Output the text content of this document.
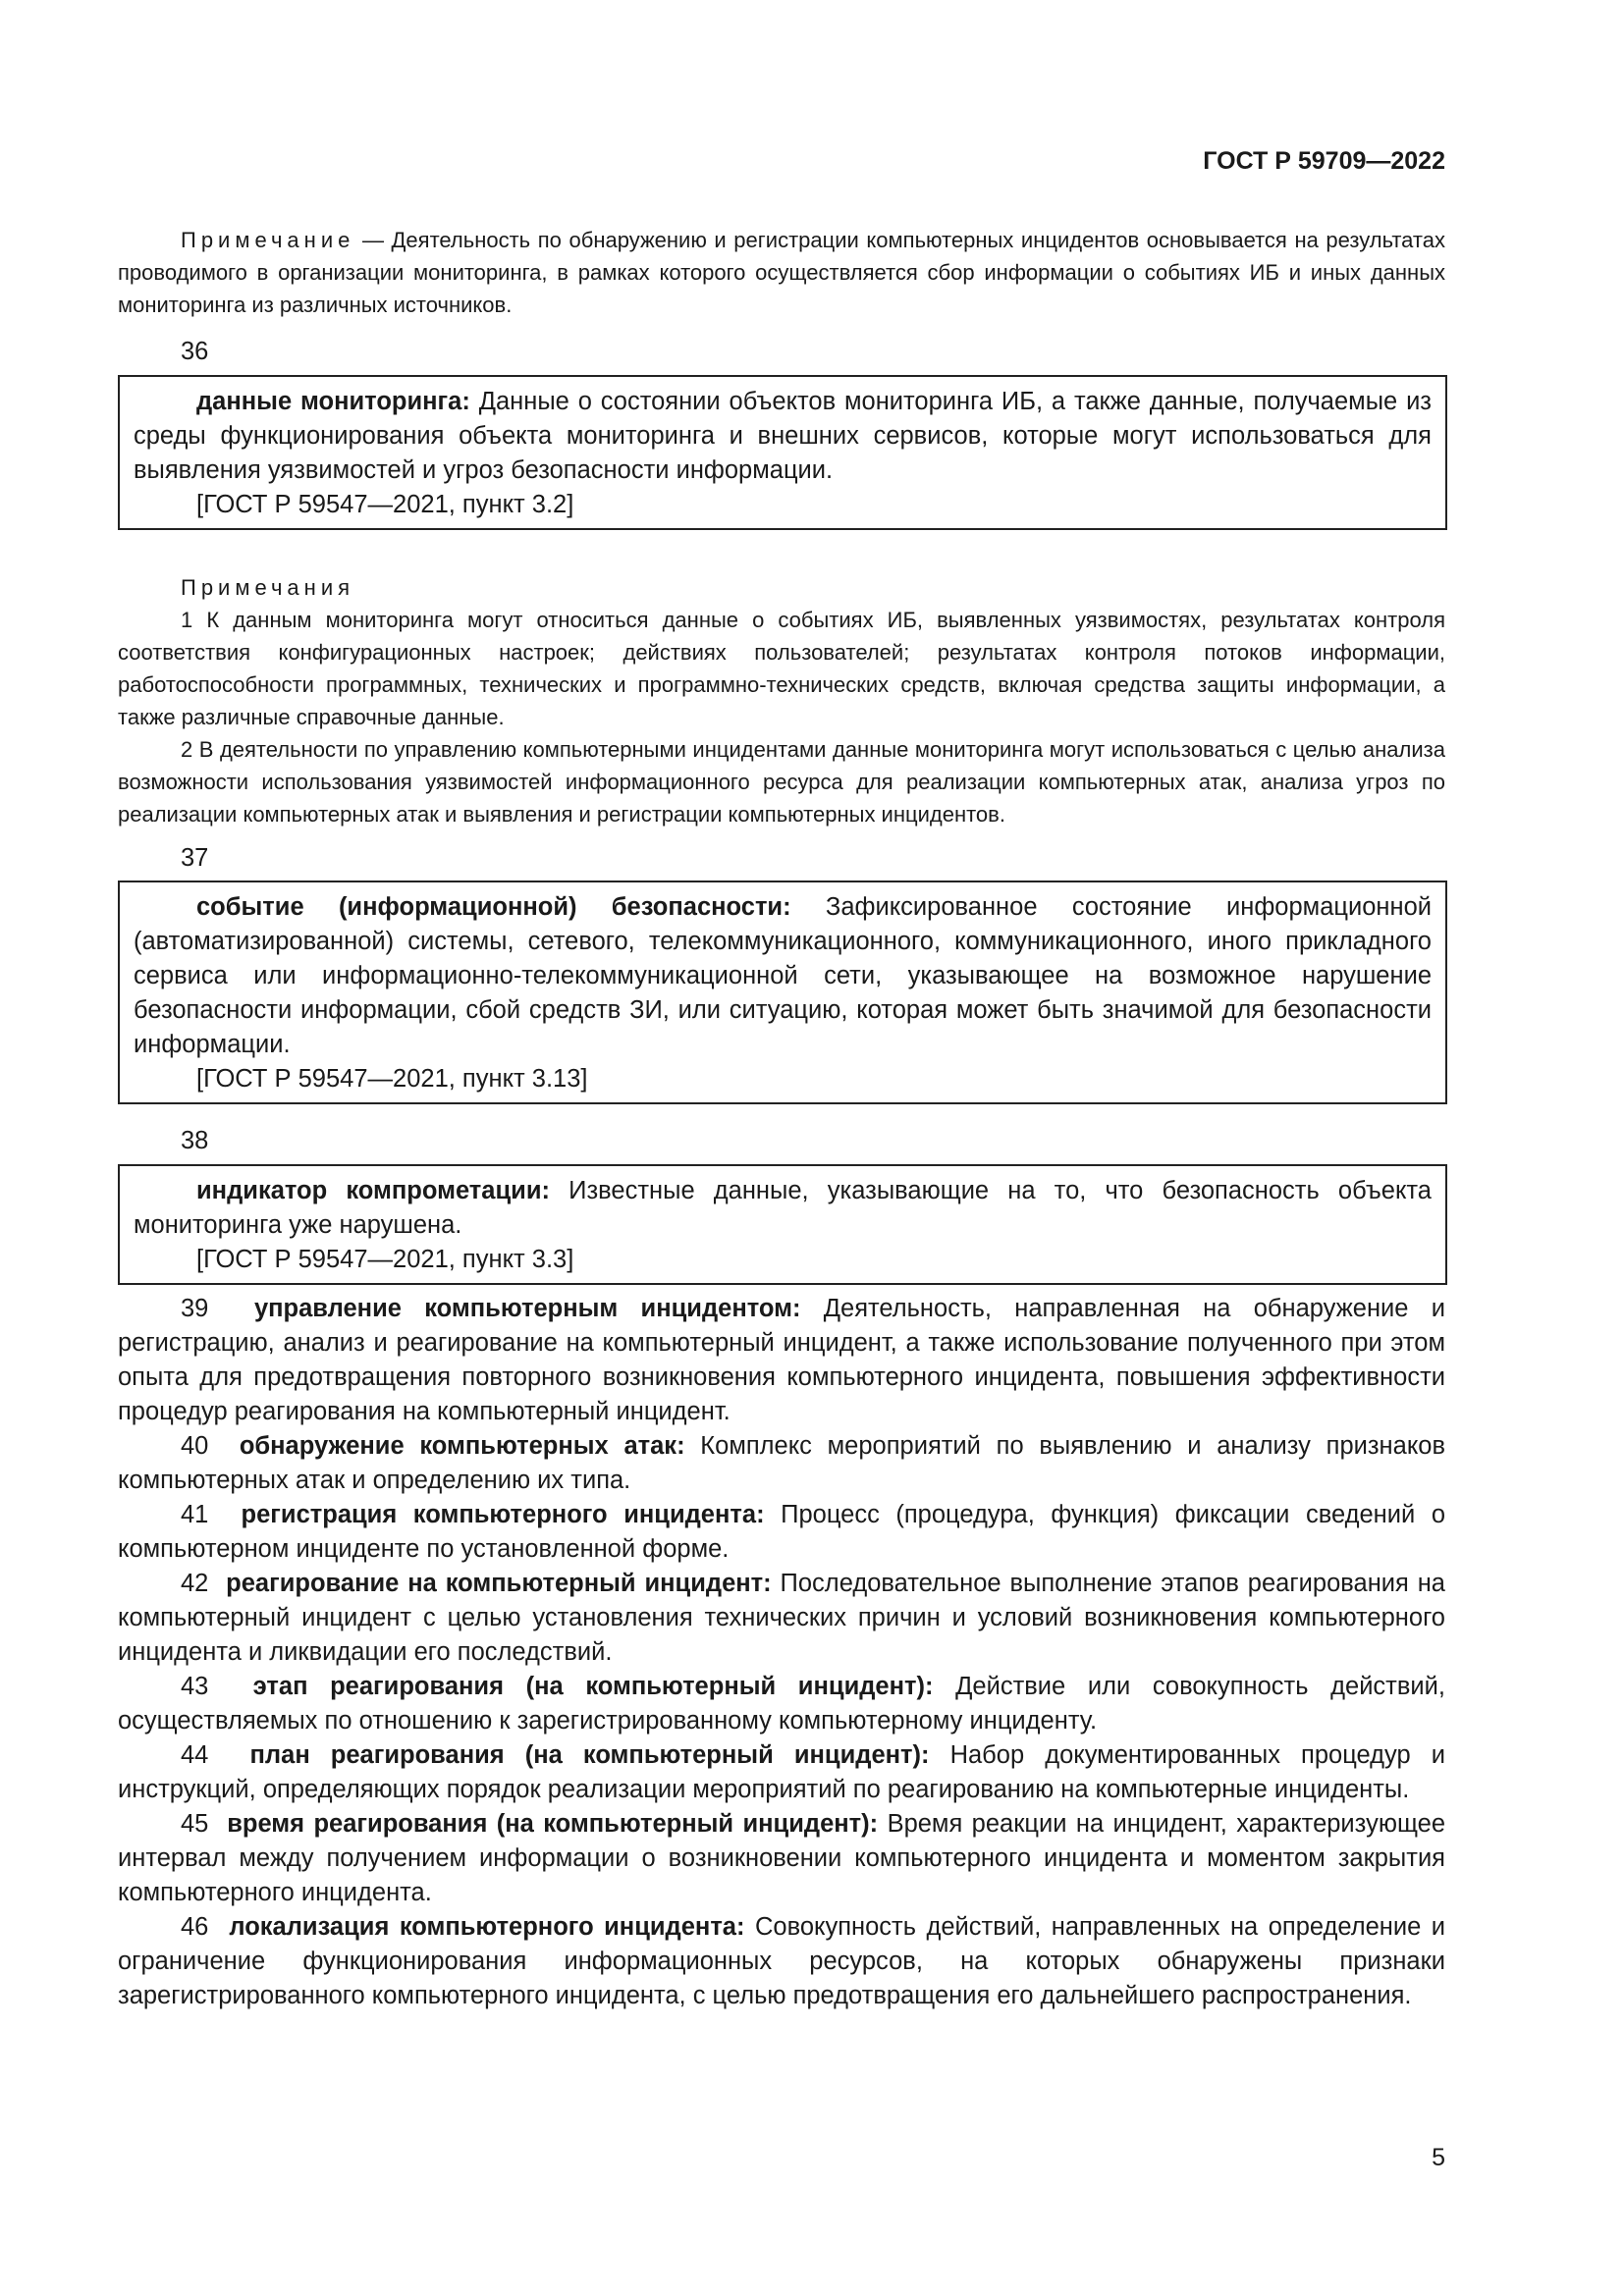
ГОСТ Р 59709—2022
Примечание — Деятельность по обнаружению и регистрации компьютерных инцидентов основывается на результатах проводимого в организации мониторинга, в рамках которого осуществляется сбор информации о событиях ИБ и иных данных мониторинга из различных источников.
36

данные мониторинга: Данные о состоянии объектов мониторинга ИБ, а также данные, получаемые из среды функционирования объекта мониторинга и внешних сервисов, которые могут использоваться для выявления уязвимостей и угроз безопасности информации.

[ГОСТ Р 59547—2021, пункт 3.2]
Примечания
1 К данным мониторинга могут относиться данные о событиях ИБ, выявленных уязвимостях, результатах контроля соответствия конфигурационных настроек; действиях пользователей; результатах контроля потоков информации, работоспособности программных, технических и программно-технических средств, включая средства защиты информации, а также различные справочные данные.
2 В деятельности по управлению компьютерными инцидентами данные мониторинга могут использоваться с целью анализа возможности использования уязвимостей информационного ресурса для реализации компьютерных атак, анализа угроз по реализации компьютерных атак и выявления и регистрации компьютерных инцидентов.
37

событие (информационной) безопасности: Зафиксированное состояние информационной (автоматизированной) системы, сетевого, телекоммуникационного, коммуникационного, иного прикладного сервиса или информационно-телекоммуникационной сети, указывающее на возможное нарушение безопасности информации, сбой средств ЗИ, или ситуацию, которая может быть значимой для безопасности информации.

[ГОСТ Р 59547—2021, пункт 3.13]
38

индикатор компрометации: Известные данные, указывающие на то, что безопасность объекта мониторинга уже нарушена.

[ГОСТ Р 59547—2021, пункт 3.3]

39 управление компьютерным инцидентом: Деятельность, направленная на обнаружение и регистрацию, анализ и реагирование на компьютерный инцидент, а также использование полученного при этом опыта для предотвращения повторного возникновения компьютерного инцидента, повышения эффективности процедур реагирования на компьютерный инцидент.

40 обнаружение компьютерных атак: Комплекс мероприятий по выявлению и анализу признаков компьютерных атак и определению их типа.

41 регистрация компьютерного инцидента: Процесс (процедура, функция) фиксации сведений о компьютерном инциденте по установленной форме.

42 реагирование на компьютерный инцидент: Последовательное выполнение этапов реагирования на компьютерный инцидент с целью установления технических причин и условий возникновения компьютерного инцидента и ликвидации его последствий.

43 этап реагирования (на компьютерный инцидент): Действие или совокупность действий, осуществляемых по отношению к зарегистрированному компьютерному инциденту.

44 план реагирования (на компьютерный инцидент): Набор документированных процедур и инструкций, определяющих порядок реализации мероприятий по реагированию на компьютерные инциденты.

45 время реагирования (на компьютерный инцидент): Время реакции на инцидент, характеризующее интервал между получением информации о возникновении компьютерного инцидента и моментом закрытия компьютерного инцидента.

46 локализация компьютерного инцидента: Совокупность действий, направленных на определение и ограничение функционирования информационных ресурсов, на которых обнаружены признаки зарегистрированного компьютерного инцидента, с целью предотвращения его дальнейшего распространения.

5
